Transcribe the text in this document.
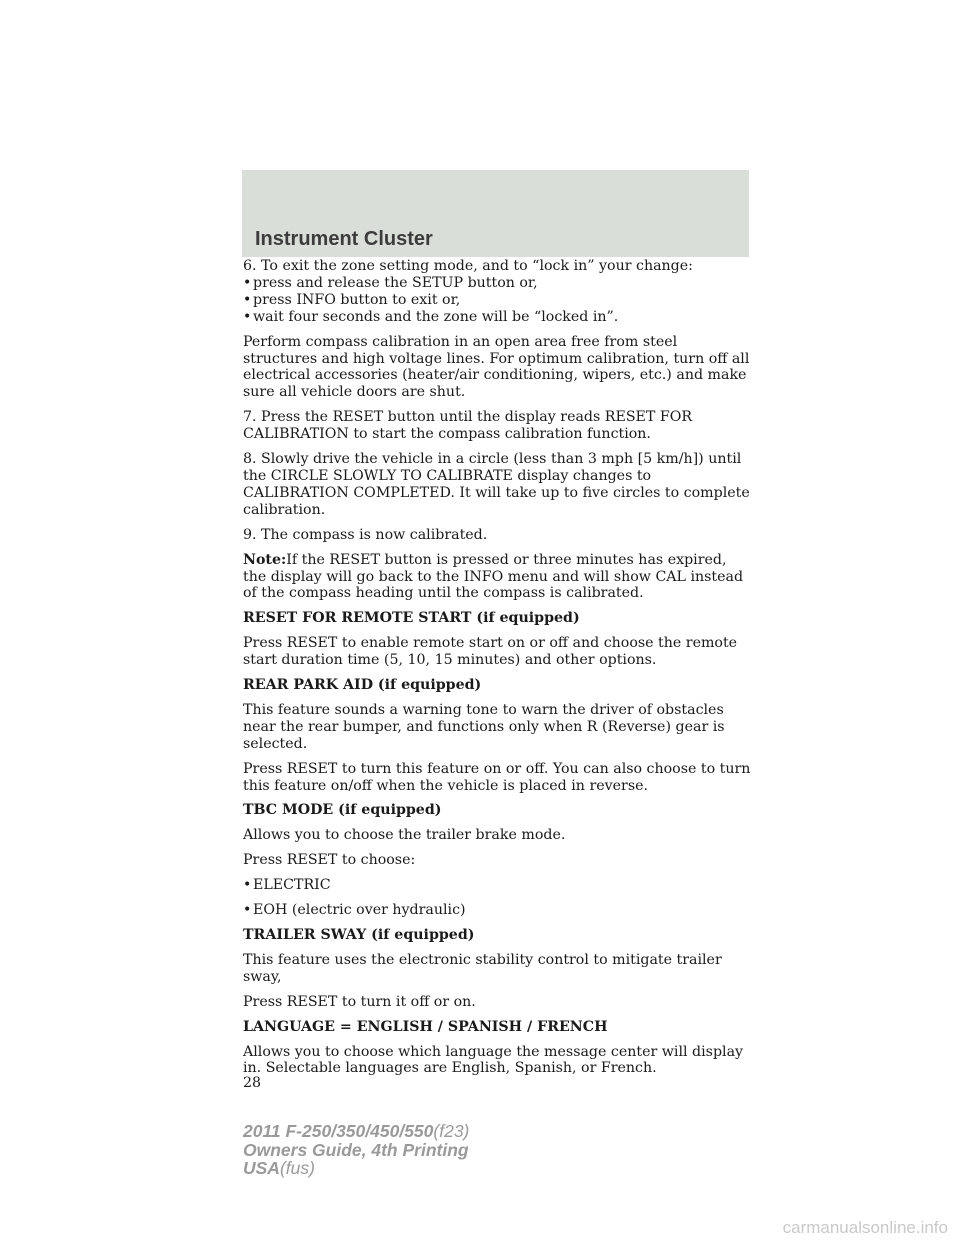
Instrument Cluster

6. To exit the zone setting mode, and to “lock in” your change:

• press and release the SETUP button or,
• press INFO button to exit or,
• wait four seconds and the zone will be “locked in”.

Perform compass calibration in an open area free from steel structures and high voltage lines. For optimum calibration, turn off all electrical accessories (heater/air conditioning, wipers, etc.) and make sure all vehicle doors are shut.

7. Press the RESET button until the display reads RESET FOR CALIBRATION to start the compass calibration function.

8. Slowly drive the vehicle in a circle (less than 3 mph [5 km/h]) until the CIRCLE SLOWLY TO CALIBRATE display changes to CALIBRATION COMPLETED. It will take up to five circles to complete calibration.

9. The compass is now calibrated.

Note:If the RESET button is pressed or three minutes has expired, the display will go back to the INFO menu and will show CAL instead of the compass heading until the compass is calibrated.

RESET FOR REMOTE START (if equipped)

Press RESET to enable remote start on or off and choose the remote start duration time (5, 10, 15 minutes) and other options.

REAR PARK AID (if equipped)

This feature sounds a warning tone to warn the driver of obstacles near the rear bumper, and functions only when R (Reverse) gear is selected.

Press RESET to turn this feature on or off. You can also choose to turn this feature on/off when the vehicle is placed in reverse.

TBC MODE (if equipped)

Allows you to choose the trailer brake mode.

Press RESET to choose:

• ELECTRIC
• EOH (electric over hydraulic)

TRAILER SWAY (if equipped)

This feature uses the electronic stability control to mitigate trailer sway,

Press RESET to turn it off or on.

LANGUAGE = ENGLISH / SPANISH / FRENCH

Allows you to choose which language the message center will display in. Selectable languages are English, Spanish, or French.

28
2011 F-250/350/450/550(f23)
Owners Guide, 4th Printing
USA(fus)
carmanualsonline.info
